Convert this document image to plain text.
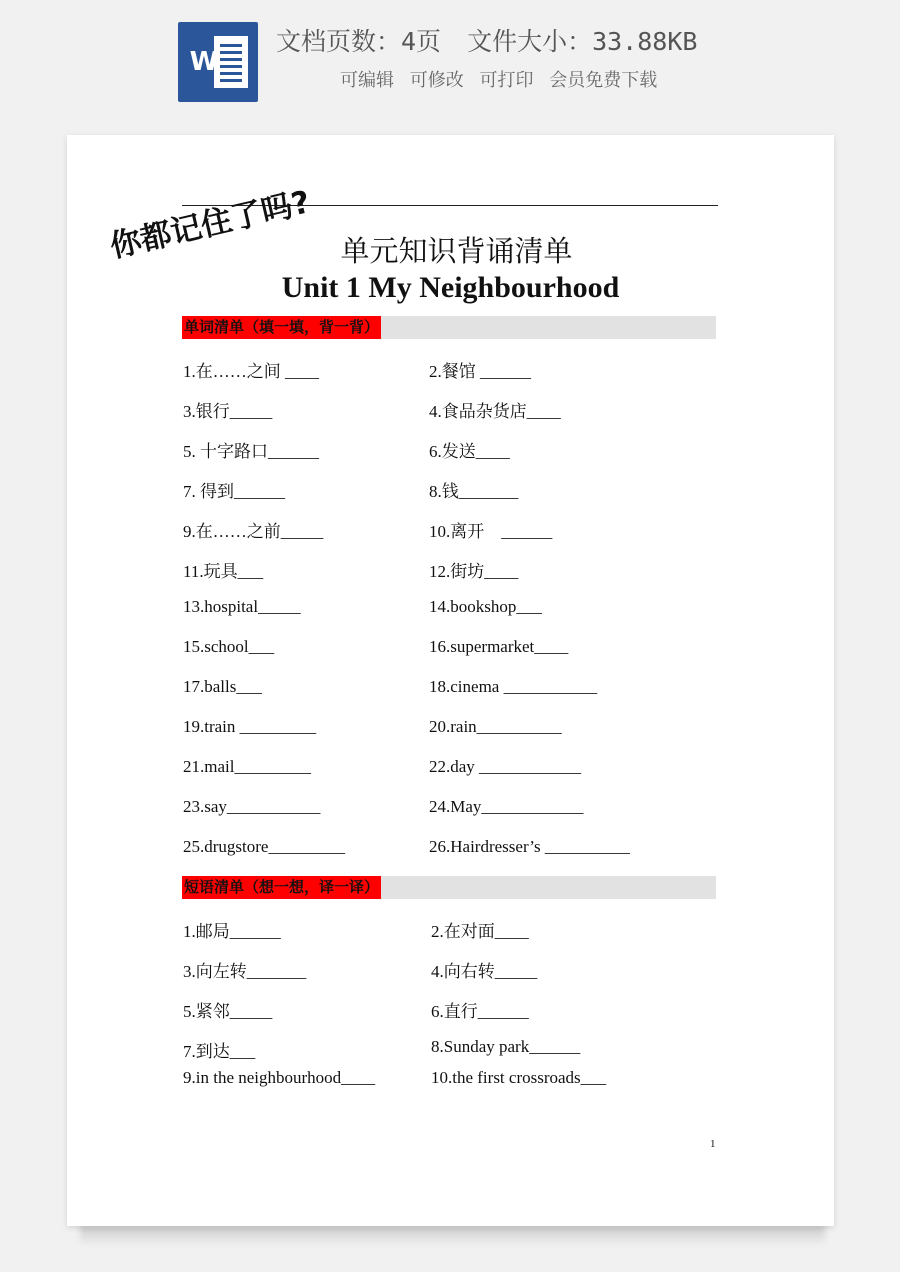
W
文档页数：4页 文件大小：33.88KB
可编辑 可修改 可打印 会员免费下载
你都记住了吗? 单元知识背诵清单
Unit 1 My Neighbourhood
单词清单（填一填，背一背）
1.在……之间 ____	2.餐馆 ______
3.银行_____	4.食品杂货店____
5. 十字路口______	6.发送____
7. 得到______	8.钱_______
9.在……之前_____	10.离开    ______
11.玩具___	12.街坊____
13.hospital_____	14.bookshop___
15.school___	16.supermarket____
17.balls___	18.cinema ___________
19.train _________	20.rain__________
21.mail_________	22.day ____________
23.say___________	24.May____________
25.drugstore_________	26.Hairdresser’s __________
短语清单（想一想，译一译）
1.邮局______	2.在对面____
3.向左转_______	4.向右转_____
5.紧邻_____	6.直行______
7.到达___	8.Sunday park______
9.in the neighbourhood____	10.the first crossroads___
1
